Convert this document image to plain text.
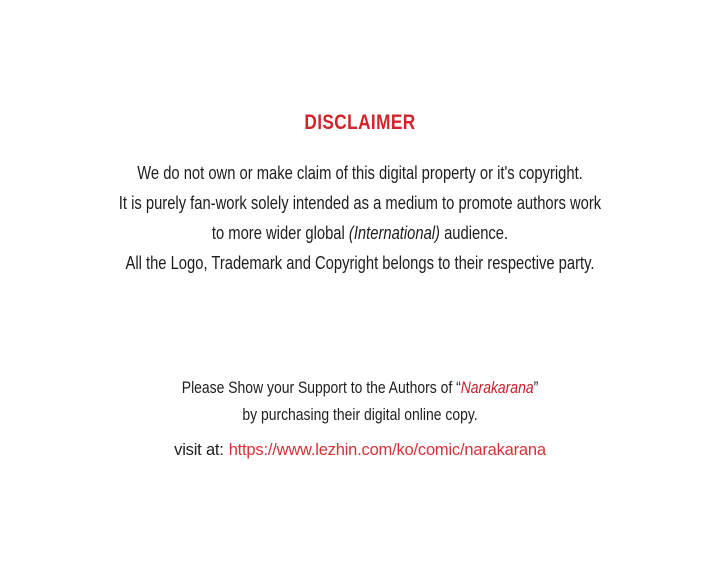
DISCLAIMER

We do not own or make claim of this digital property or it's copyright.

It is purely fan-work solely intended as a medium to promote authors work

to more wider global (International) audience.

All the Logo, Trademark and Copyright belongs to their respective party.

Please Show your Support to the Authors of “Narakarana”

by purchasing their digital online copy.

visit at: https://www.lezhin.com/ko/comic/narakarana
